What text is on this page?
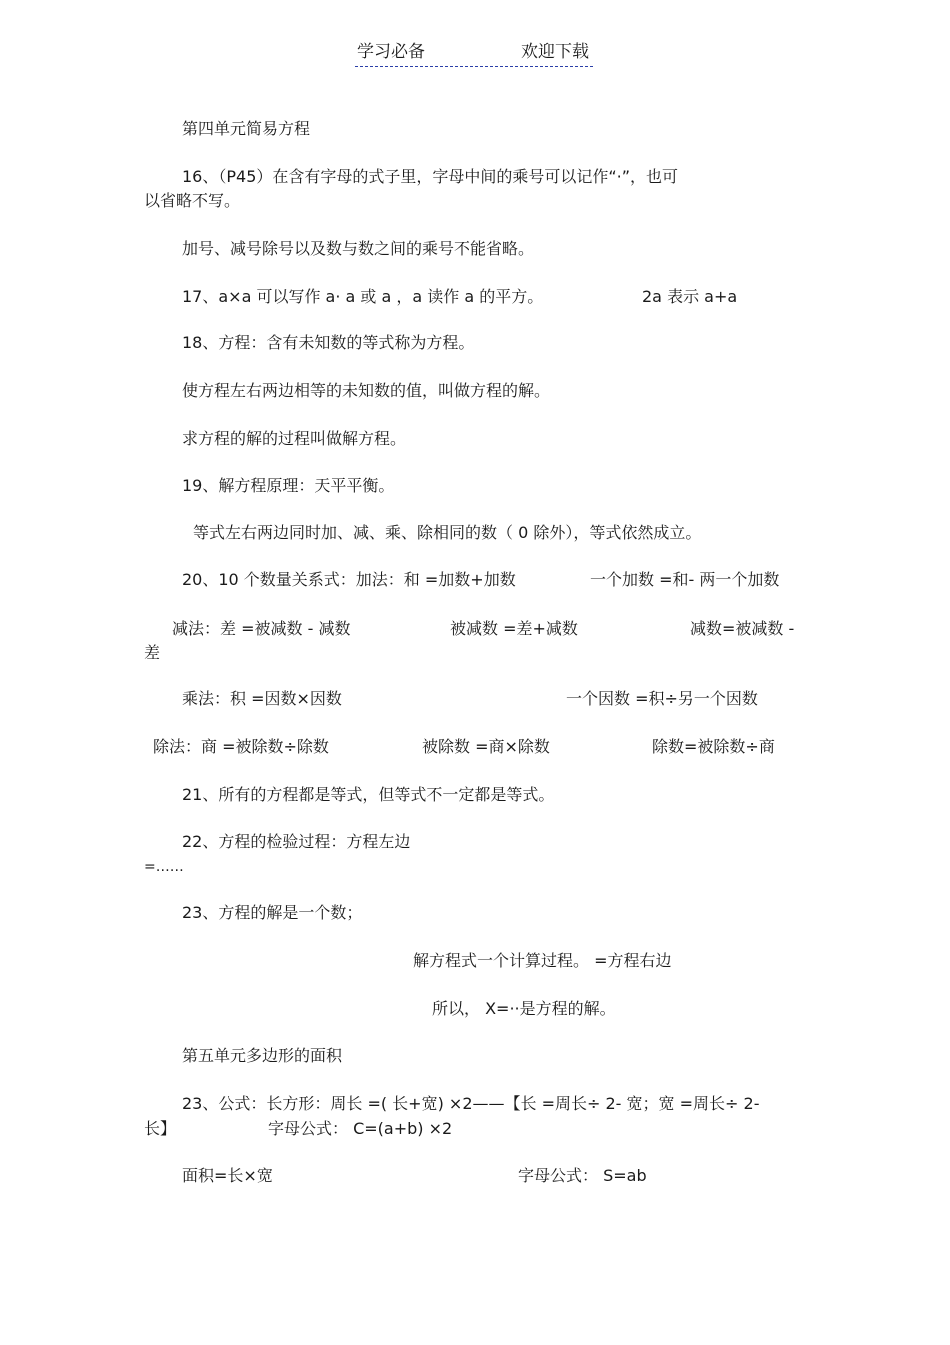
学习必备	欢迎下载
第四单元简易方程
16、（P45）在含有字母的式子里，字母中间的乘号可以记作“·”，也可
以省略不写。
加号、减号除号以及数与数之间的乘号不能省略。
17、a×a 可以写作 a· a 或 a ，a 读作 a 的平方。	2a 表示 a+a
18、方程：含有未知数的等式称为方程。
使方程左右两边相等的未知数的值，叫做方程的解。
求方程的解的过程叫做解方程。
19、解方程原理：天平平衡。
等式左右两边同时加、减、乘、除相同的数（ 0 除外），等式依然成立。
20、10 个数量关系式：加法：和 =加数+加数	一个加数 =和- 两一个加数
减法：差 =被减数 - 减数	被减数 =差+减数	减数=被减数 -
差
乘法：积 =因数×因数	一个因数 =积÷另一个因数
除法：商 =被除数÷除数	被除数 =商×除数	除数=被除数÷商
21、所有的方程都是等式，但等式不一定都是等式。
22、方程的检验过程：方程左边
=……
23、方程的解是一个数；
解方程式一个计算过程。 =方程右边
所以， X=··是方程的解。
第五单元多边形的面积
23、公式：长方形：周长 =( 长+宽) ×2——【长 =周长÷ 2- 宽；宽 =周长÷ 2-
长】	字母公式： C=(a+b) ×2
面积=长×宽	字母公式： S=ab
